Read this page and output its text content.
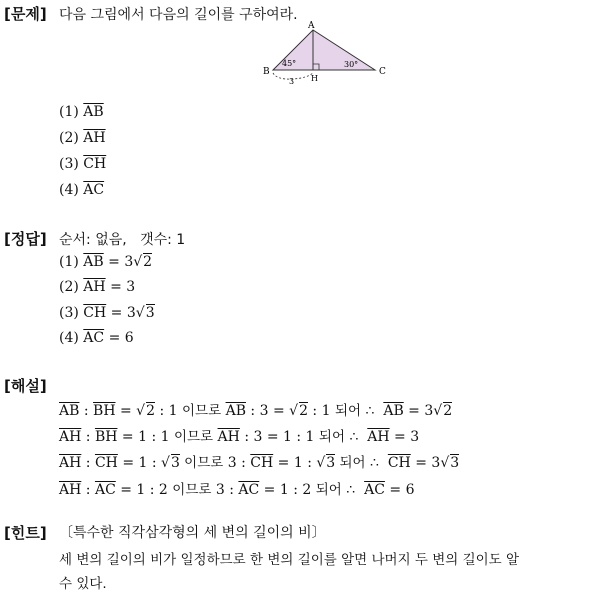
[문제] 다음 그림에서 다음의 길이를 구하여라.
A
B	C
H
45°	30°
3
(1) $\overline{AB}$
(2) $\overline{AH}$
(3) $\overline{CH}$
(4) $\overline{AC}$
[정답] 순서: 없음,   갯수: 1
(1) $\overline{AB} = 3√2$
(2) $\overline{AH} = 3$
(3) $\overline{CH} = 3√3$
(4) $\overline{AC} = 6$
[해설]
$\overline{AB}$ : $\overline{BH} = √2$ : 1 이므로 $\overline{AB}$ : 3 = √2 : 1 되어 ∴  $\overline{AB} = 3√2$
$\overline{AH}$ : $\overline{BH} = 1$ : 1 이므로 $\overline{AH}$ : 3 = 1 : 1 되어 ∴  $\overline{AH} = 3$
$\overline{AH}$ : $\overline{CH} = 1$ : √3 이므로 3 : $\overline{CH} = 1$ : √3 되어 ∴  $\overline{CH} = 3√3$
$\overline{AH}$ : $\overline{AC} = 1$ : 2 이므로 3 : $\overline{AC} = 1$ : 2 되어 ∴  $\overline{AC} = 6$
[힌트] 〔특수한 직각삼각형의 세 변의 길이의 비〕
세 변의 길이의 비가 일정하므로 한 변의 길이를 알면 나머지 두 변의 길이도 알
수 있다.
